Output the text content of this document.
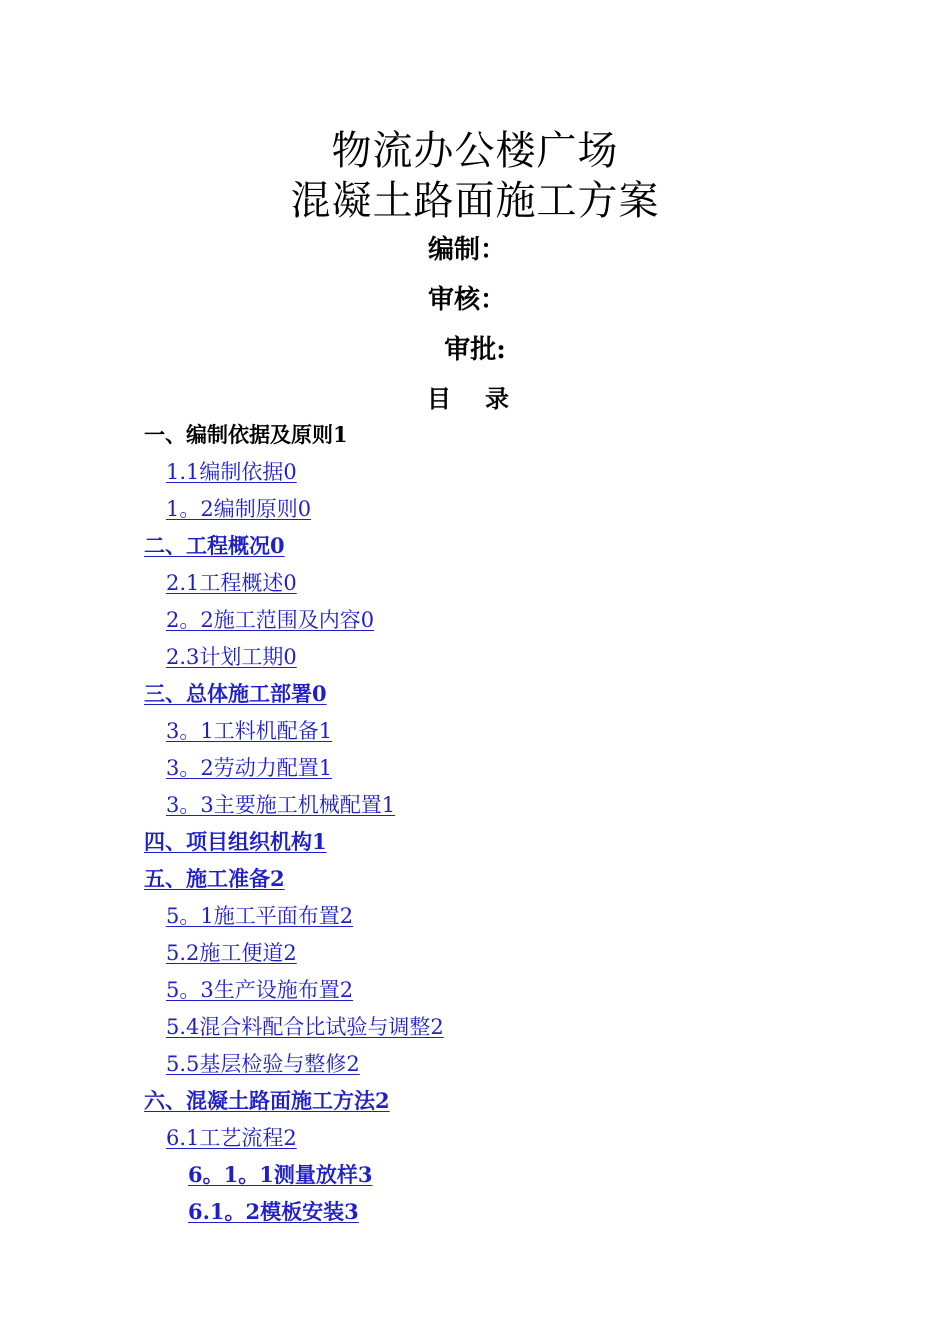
物流办公楼广场
混凝土路面施工方案
编制：
审核：
审批:
目录
一、编制依据及原则1
1.1编制依据0
1。2编制原则0
二、工程概况0
2.1工程概述0
2。2施工范围及内容0
2.3计划工期0
三、总体施工部署0
3。1工料机配备1
3。2劳动力配置1
3。3主要施工机械配置1
四、项目组织机构1
五、施工准备2
5。1施工平面布置2
5.2施工便道2
5。3生产设施布置2
5.4混合料配合比试验与调整2
5.5基层检验与整修2
六、混凝土路面施工方法2
6.1工艺流程2
6。1。1测量放样3
6.1。2模板安装3
